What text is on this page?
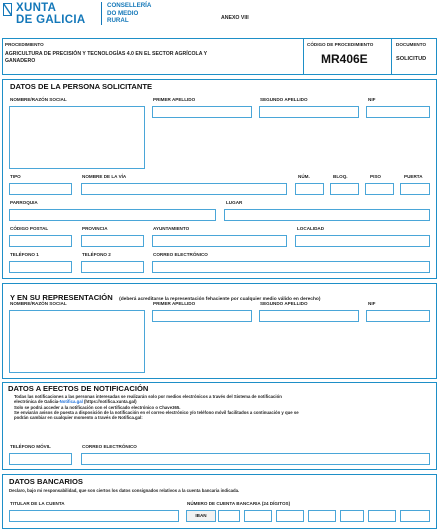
XUNTA
DE GALICIA
CONSELLERÍA
DO MEDIO
RURAL	ANEXO VIII
PROCEDIMIENTO
AGRICULTURA DE PRECISIÓN Y TECNOLOGÍAS 4.0 EN EL SECTOR AGRÍCOLA Y
GANADERO
CÓDIGO DE PROCEDIMIENTO
MR406E
DOCUMENTO
SOLICITUD
DATOS DE LA PERSONA SOLICITANTE
NOMBRE/RAZÓN SOCIAL	PRIMER APELLIDO	SEGUNDO APELLIDO	NIF
TIPO	NOMBRE DE LA VÍA	NÚM.	BLOQ.	PISO	PUERTA
PARROQUIA	LUGAR
CÓDIGO POSTAL	PROVINCIA	AYUNTAMIENTO	LOCALIDAD
TELÉFONO 1	TELÉFONO 2	CORREO ELECTRÓNICO
Y EN SU REPRESENTACIÓN (deberá acreditarse la representación fehaciente por cualquier medio válido en derecho)
NOMBRE/RAZÓN SOCIAL	PRIMER APELLIDO	SEGUNDO APELLIDO	NIF
DATOS A EFECTOS DE NOTIFICACIÓN
Todas las notificaciones a las personas interesadas se realizarán solo por medios electrónicos a través del Sistema de notificación
electrónica de Galicia-Notifica.gal (https://notifica.xunta.gal)
Solo se podrá acceder a la notificación con el certificado electrónico o Chave365.
Se enviarán avisos de puesta a disposición de la notificación en el correo electrónico y/o teléfono móvil facilitados a continuación y que se
podrán cambiar en cualquier momento a través de Notifica.gal:
TELÉFONO MÓVIL	CORREO ELECTRÓNICO
DATOS BANCARIOS
Declaro, bajo mi responsabilidad, que son ciertos los datos consignados relativos a la cuenta bancaria indicada.
TITULAR DE LA CUENTA	NÚMERO DE CUENTA BANCARIA (24 DÍGITOS)
IBAN
